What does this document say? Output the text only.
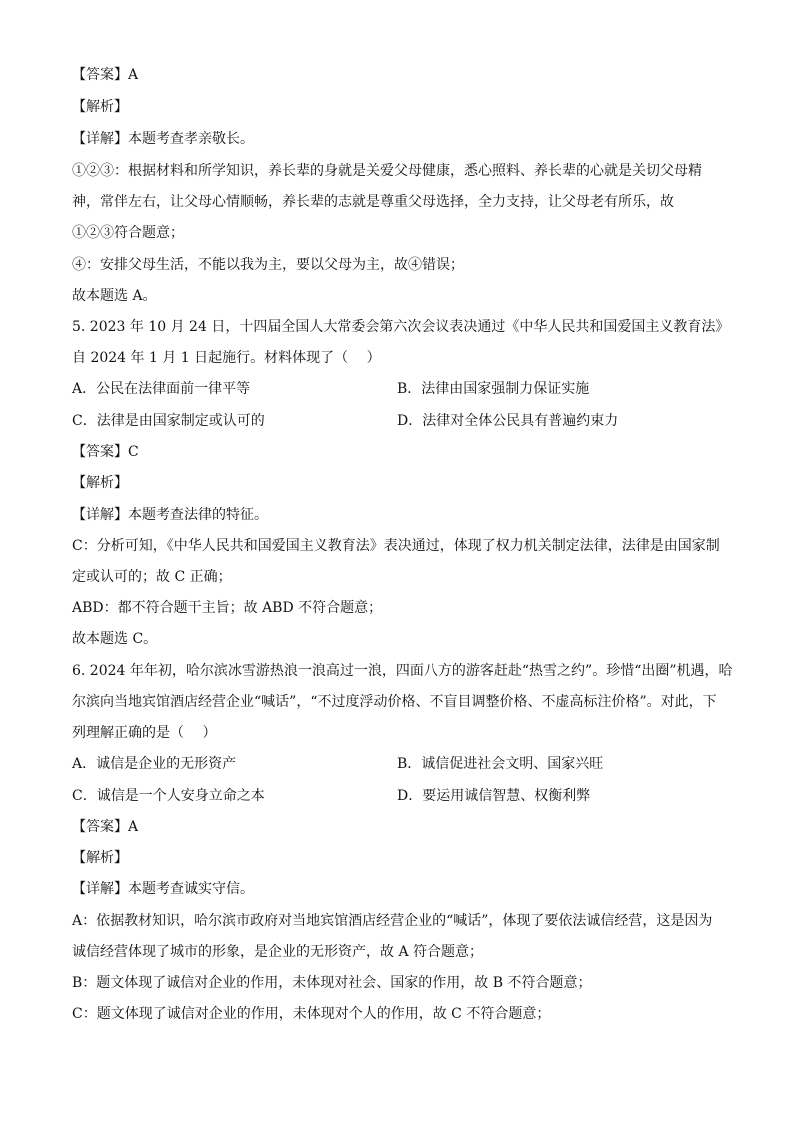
【答案】A
【解析】
【详解】本题考查孝亲敬长。
①②③：根据材料和所学知识，养长辈的身就是关爱父母健康，悉心照料、养长辈的心就是关切父母精
神，常伴左右，让父母心情顺畅，养长辈的志就是尊重父母选择，全力支持，让父母老有所乐，故
①②③符合题意；
④：安排父母生活，不能以我为主，要以父母为主，故④错误；
故本题选 A。
5. 2023 年 10 月 24 日，十四届全国人大常委会第六次会议表决通过《中华人民共和国爱国主义教育法》
自 2024 年 1 月 1 日起施行。材料体现了（　 ）
A．公民在法律面前一律平等	B．法律由国家强制力保证实施
C．法律是由国家制定或认可的	D．法律对全体公民具有普遍约束力
【答案】C
【解析】
【详解】本题考查法律的特征。
C：分析可知，《中华人民共和国爱国主义教育法》表决通过，体现了权力机关制定法律，法律是由国家制
定或认可的；故 C 正确；
ABD：都不符合题干主旨；故 ABD 不符合题意；
故本题选 C。
6. 2024 年年初，哈尔滨冰雪游热浪一浪高过一浪，四面八方的游客赶赴“热雪之约”。珍惜“出圈”机遇，哈
尔滨向当地宾馆酒店经营企业“喊话”，“不过度浮动价格、不盲目调整价格、不虚高标注价格”。对此，下
列理解正确的是（　 ）
A．诚信是企业的无形资产	B．诚信促进社会文明、国家兴旺
C．诚信是一个人安身立命之本	D．要运用诚信智慧、权衡利弊
【答案】A
【解析】
【详解】本题考查诚实守信。
A：依据教材知识，哈尔滨市政府对当地宾馆酒店经营企业的“喊话”，体现了要依法诚信经营，这是因为
诚信经营体现了城市的形象，是企业的无形资产，故 A 符合题意；
B：题文体现了诚信对企业的作用，未体现对社会、国家的作用，故 B 不符合题意；
C：题文体现了诚信对企业的作用，未体现对个人的作用，故 C 不符合题意；
